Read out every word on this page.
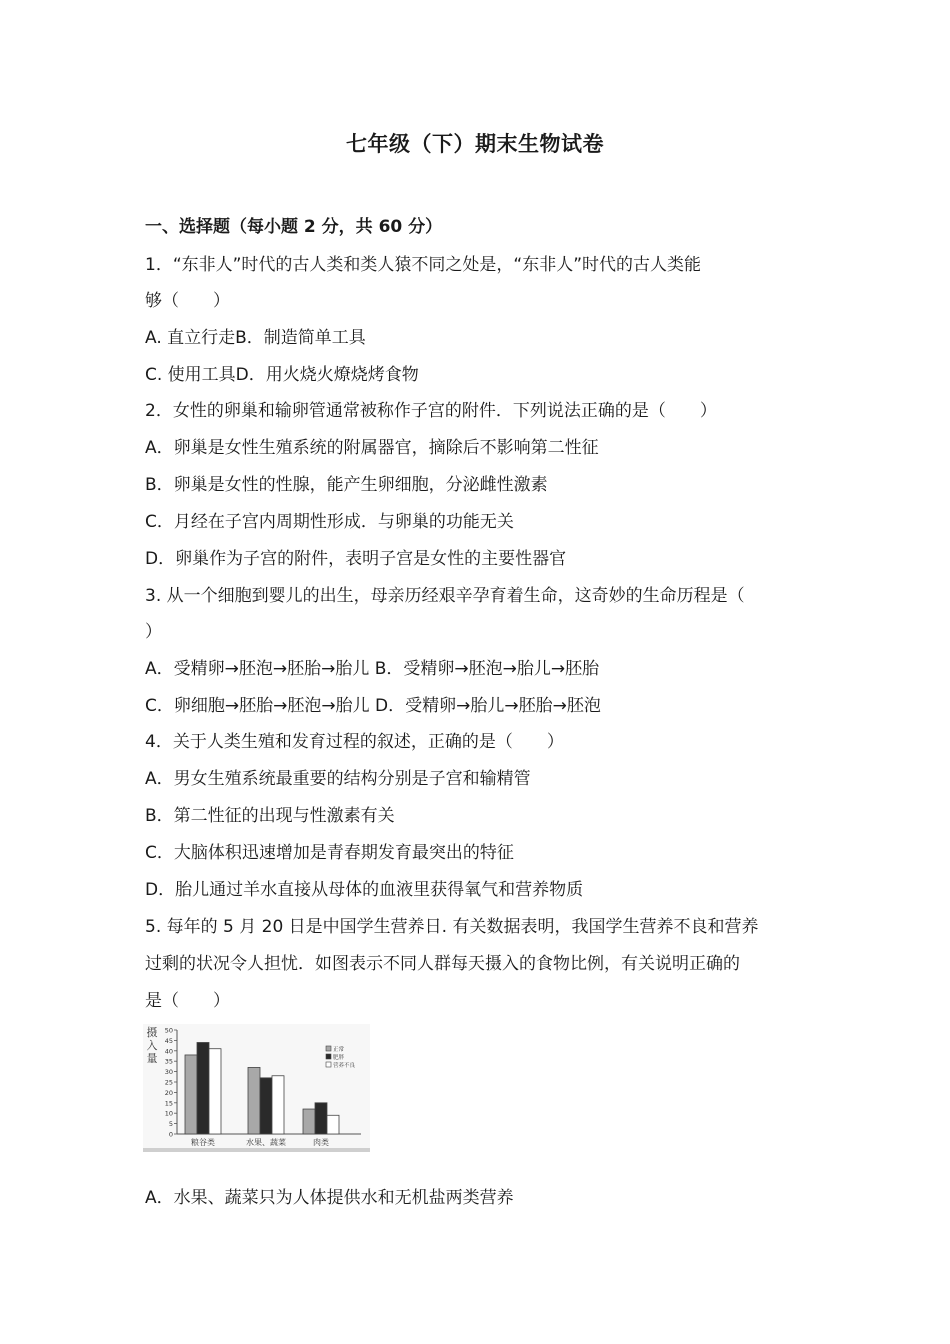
七年级（下）期末生物试卷
一、选择题（每小题 2 分，共 60 分）
1．“东非人”时代的古人类和类人猿不同之处是，“东非人”时代的古人类能
够（　　）
A. 直立行走B．制造简单工具
C. 使用工具D．用火烧火燎烧烤食物
2．女性的卵巢和输卵管通常被称作子宫的附件．下列说法正确的是（　　）
A．卵巢是女性生殖系统的附属器官，摘除后不影响第二性征
B．卵巢是女性的性腺，能产生卵细胞，分泌雌性激素
C．月经在子宫内周期性形成．与卵巢的功能无关
D．卵巢作为子宫的附件，表明子宫是女性的主要性器官
3. 从一个细胞到婴儿的出生，母亲历经艰辛孕育着生命，这奇妙的生命历程是（
）
A．受精卵→胚泡→胚胎→胎儿 B．受精卵→胚泡→胎儿→胚胎
C．卵细胞→胚胎→胚泡→胎儿 D．受精卵→胎儿→胚胎→胚泡
4．关于人类生殖和发育过程的叙述，正确的是（　　）
A．男女生殖系统最重要的结构分别是子宫和输精管
B．第二性征的出现与性激素有关
C．大脑体积迅速增加是青春期发育最突出的特征
D．胎儿通过羊水直接从母体的血液里获得氧气和营养物质
5. 每年的 5 月 20 日是中国学生营养日. 有关数据表明，我国学生营养不良和营养
过剩的状况令人担忧．如图表示不同人群每天摄入的食物比例，有关说明正确的
是（　　）
摄
入
量
0
5
10
15
20
25
30
35
40
45
50
粮谷类	水果、蔬菜	肉类
正常
肥胖
营养不良
A．水果、蔬菜只为人体提供水和无机盐两类营养
